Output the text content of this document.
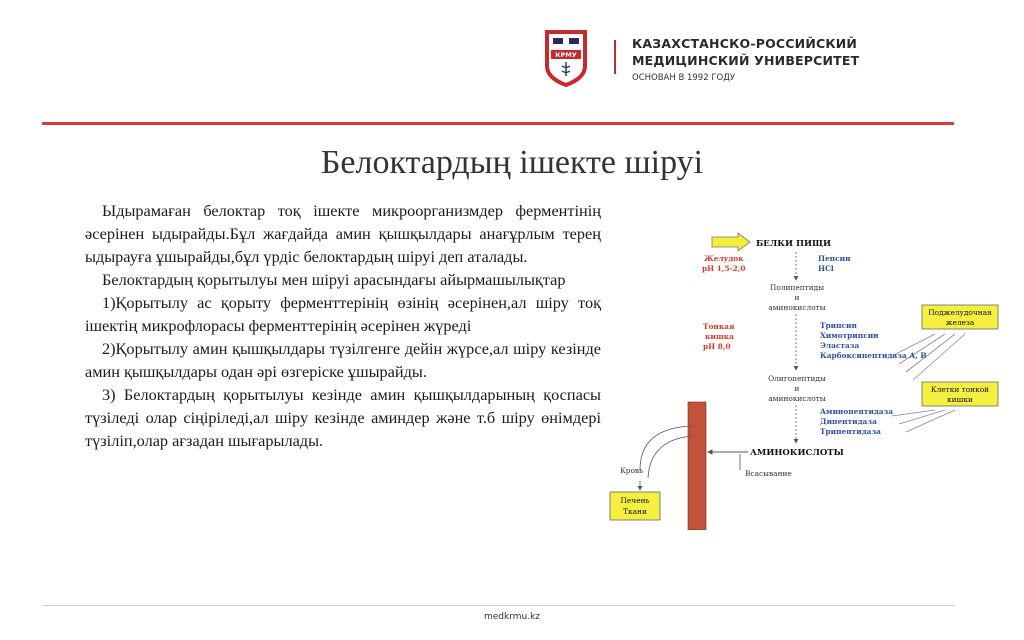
КРМУ
КАЗАХСТАНСКО-РОССИЙСКИЙ
МЕДИЦИНСКИЙ УНИВЕРСИТЕТ
ОСНОВАН В 1992 ГОДУ
Белоктардың ішекте шіруі

Ыдырамаған белоктар тоқ ішекте микроорганизмдер ферментінің әсерінен ыдырайды.Бұл жағдайда амин қышқылдары анағұрлым терең ыдырауға ұшырайды,бұл үрдіс белоктардың шіруі деп аталады.

Белоктардың қорытылуы мен шіруі арасындағы айырмашылықтар

1)Қорытылу ас қорыту ферменттерінің өзінің әсерінен,ал шіру тоқ ішектің микрофлорасы ферменттерінің әсерінен жүреді

2)Қорытылу амин қышқылдары түзілгенге дейін жүрсе,ал шіру кезінде амин қышқылдары одан әрі өзгеріске ұшырайды.

3) Белоктардың қорытылуы кезінде амин қышқылдарының қоспасы түзіледі олар сіңіріледі,ал шіру кезінде аминдер және т.б шіру өнімдері түзіліп,олар ағзадан шығарылады.

БЕЛКИ ПИЩИ
Желудок
pH 1,5-2,0
Пепсин
HCl
Полипептиды
и
аминокислоты
Тонкая
кишка
pH 8,0
Поджелудочная
железа
Трипсин
Химотрипсин
Эластаза
Карбоксипептидаза А, В
Олигопептиды
и
аминокислоты
Клетки тонкой
кишки
Аминопептидаза
Дипептидаза
Трипептидаза
АМИНОКИСЛОТЫ
Всасывание
Кровь
Печень
Ткани
medkrmu.kz
